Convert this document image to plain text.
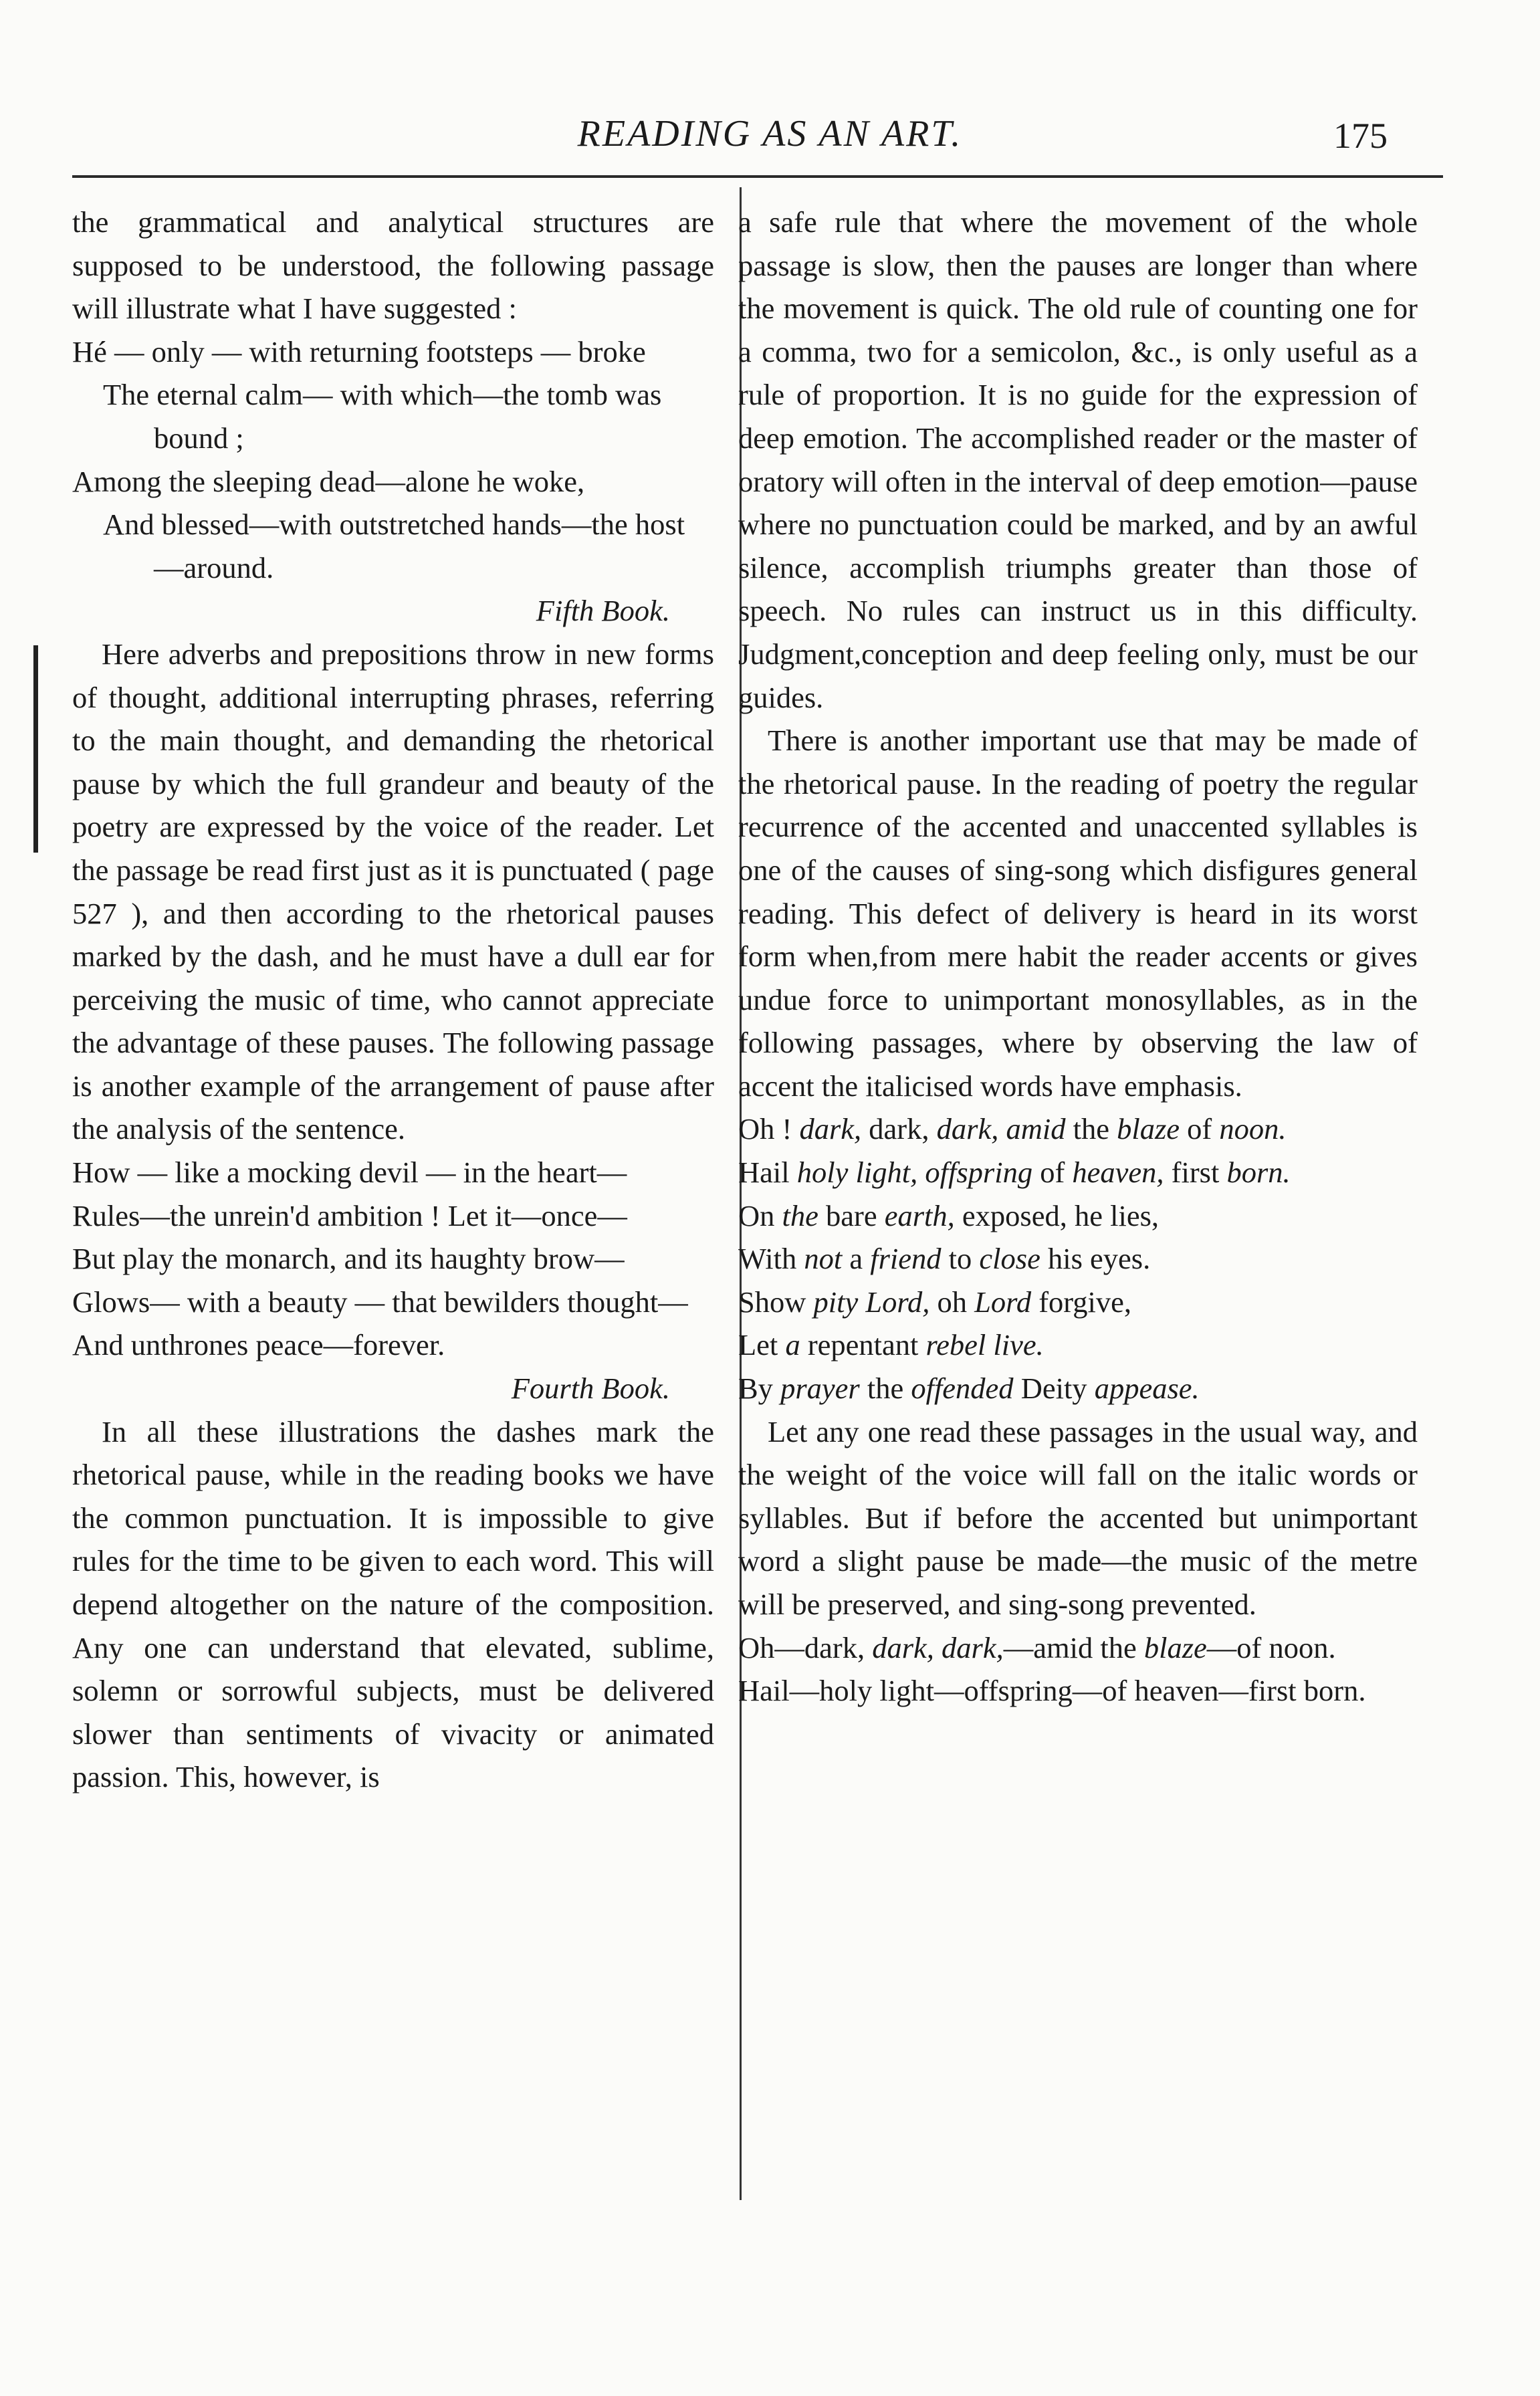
READING AS AN ART.	175
the grammatical and analytical structures are supposed to be understood, the following passage will illustrate what I have suggested :
Hé — only — with returning footsteps — broke
The eternal calm— with which—the tomb was bound ;
Among the sleeping dead—alone he woke,
And blessed—with outstretched hands—the host—around.
Fifth Book.
Here adverbs and prepositions throw in new forms of thought, additional interrupting phrases, referring to the main thought, and demanding the rhetorical pause by which the full grandeur and beauty of the poetry are expressed by the voice of the reader. Let the passage be read first just as it is punctuated ( page 527 ), and then according to the rhetorical pauses marked by the dash, and he must have a dull ear for perceiving the music of time, who cannot appreciate the advantage of these pauses. The following passage is another example of the arrangement of pause after the analysis of the sentence.
How — like a mocking devil — in the heart—
Rules—the unrein'd ambition ! Let it—once—
But play the monarch, and its haughty brow—
Glows— with a beauty — that bewilders thought—
And unthrones peace—forever.
Fourth Book.
In all these illustrations the dashes mark the rhetorical pause, while in the reading books we have the common punctuation. It is impossible to give rules for the time to be given to each word. This will depend altogether on the nature of the composition. Any one can understand that elevated, sublime, solemn or sorrowful subjects, must be delivered slower than sentiments of vivacity or animated passion. This, however, is
a safe rule that where the movement of the whole passage is slow, then the pauses are longer than where the movement is quick. The old rule of counting one for a comma, two for a semicolon, &c., is only useful as a rule of proportion. It is no guide for the expression of deep emotion. The accomplished reader or the master of oratory will often in the interval of deep emotion—pause where no punctuation could be marked, and by an awful silence, accomplish triumphs greater than those of speech. No rules can instruct us in this difficulty. Judgment,conception and deep feeling only, must be our guides.
There is another important use that may be made of the rhetorical pause. In the reading of poetry the regular recurrence of the accented and unaccented syllables is one of the causes of sing-song which disfigures general reading. This defect of delivery is heard in its worst form when,from mere habit the reader accents or gives undue force to unimportant monosyllables, as in the following passages, where by observing the law of accent the italicised words have emphasis.
Oh ! dark, dark, dark, amid the blaze of noon.
Hail holy light, offspring of heaven, first born.
On the bare earth, exposed, he lies,
With not a friend to close his eyes.
Show pity Lord, oh Lord forgive,
Let a repentant rebel live.
By prayer the offended Deity appease.
Let any one read these passages in the usual way, and the weight of the voice will fall on the italic words or syllables. But if before the accented but unimportant word a slight pause be made—the music of the metre will be preserved, and sing-song prevented.
Oh—dark, dark, dark,—amid the blaze—of noon.
Hail—holy light—offspring—of heaven—first born.
